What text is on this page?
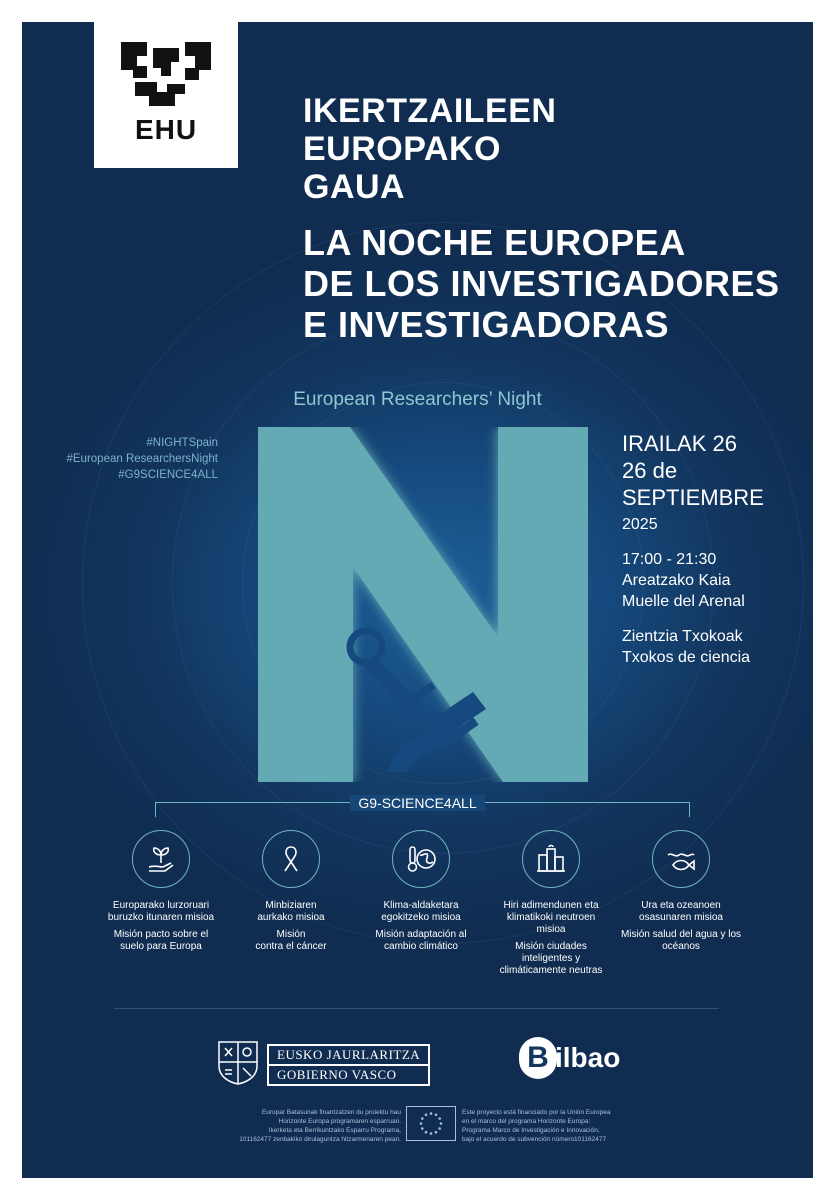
EHU	IKERTZAILEEN
EUROPAKO
GAUA
LA NOCHE EUROPEA
DE LOS INVESTIGADORES
E INVESTIGADORAS
European Researchers’ Night
#NIGHTSpain
#European ResearchersNight
#G9SCIENCE4ALL
IRAILAK 26
26 de
SEPTIEMBRE
2025
17:00 - 21:30
Areatzako Kaia
Muelle del Arenal
Zientzia Txokoak
Txokos de ciencia
G9-SCIENCE4ALL
Europarako lurzoruari
buruzko itunaren misioa
Misión pacto sobre el
suelo para Europa
Minbiziaren
aurkako misioa
Misión
contra el cáncer
Klima-aldaketara
egokitzeko misioa
Misión adaptación al
cambio climático
Hiri adimendunen eta
klimatikoki neutroen
misioa
Misión ciudades
inteligentes y
climáticamente neutras
Ura eta ozeanoen
osasunaren misioa
Misión salud del agua y los
océanos
EUSKO JAURLARITZA
GOBIERNO VASCO
B ilbao
Europar Batasunak finantzatzen du proiektu hau
Horizonte Europa programaren esparruan.
Ikerketa eta Berrikuntzako Esparru Programa,
101162477 zenbakiko dirulaguntza hitzarmenaren pean.
Este proyecto está financiado por la Unión Europea
en el marco del programa Horizonte Europa:
Programa Marco de Investigación e Innovación,
bajo el acuerdo de subvención número101162477
